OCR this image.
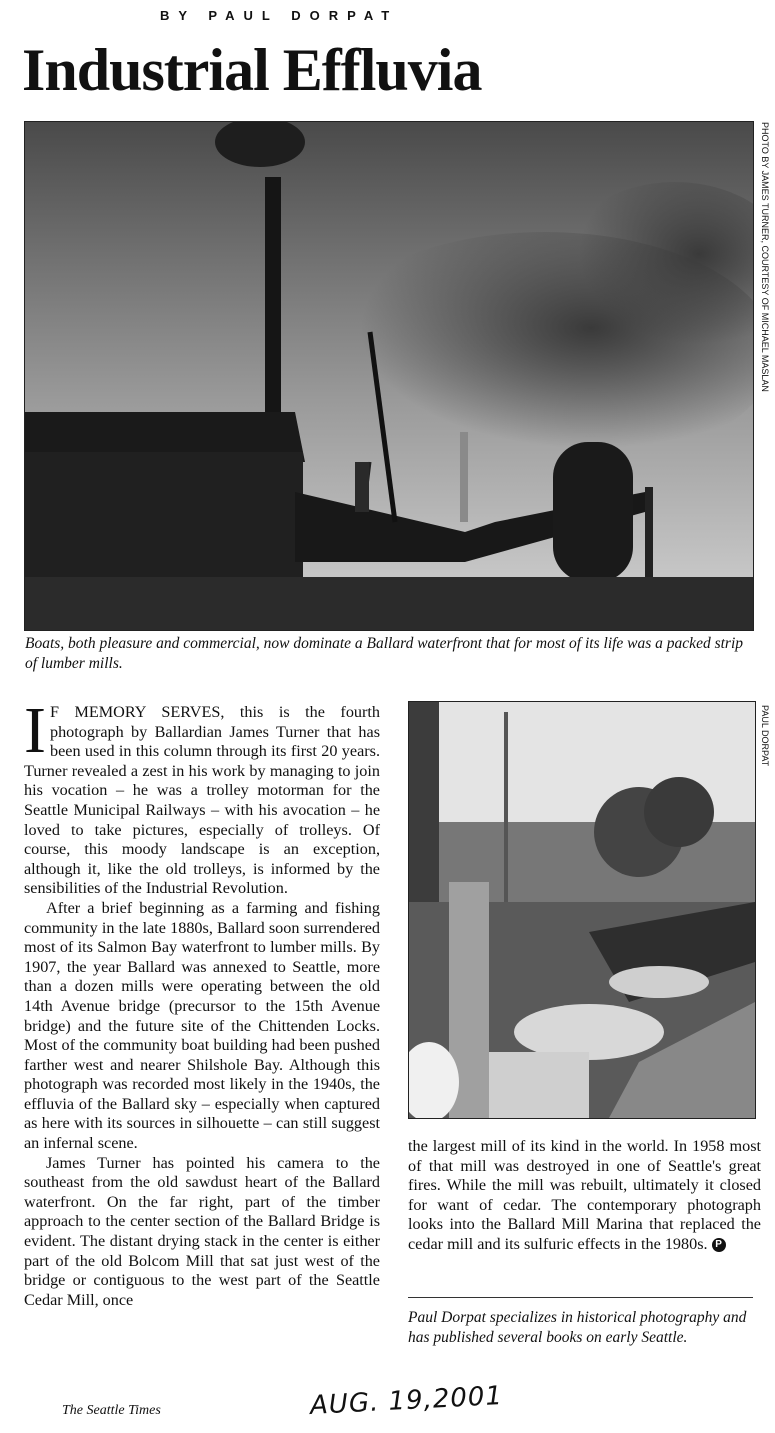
BY PAUL DORPAT
Industrial Effluvia
PHOTO BY JAMES TURNER, COURTESY OF MICHAEL MASLAN
Boats, both pleasure and commercial, now dominate a Ballard waterfront that for most of its life was a packed strip of lumber mills.
PAUL DORPAT

I F MEMORY SERVES, this is the fourth photograph by Ballardian James Turner that has been used in this column through its first 20 years. Turner revealed a zest in his work by managing to join his vocation – he was a trolley motorman for the Seattle Municipal Railways – with his avocation – he loved to take pictures, especially of trolleys. Of course, this moody landscape is an exception, although it, like the old trolleys, is informed by the sensibilities of the Industrial Revolution.

After a brief beginning as a farming and fishing community in the late 1880s, Ballard soon surrendered most of its Salmon Bay waterfront to lumber mills. By 1907, the year Ballard was annexed to Seattle, more than a dozen mills were operating between the old 14th Avenue bridge (precursor to the 15th Avenue bridge) and the future site of the Chittenden Locks. Most of the community boat building had been pushed farther west and nearer Shilshole Bay. Although this photograph was recorded most likely in the 1940s, the effluvia of the Ballard sky – especially when captured as here with its sources in silhouette – can still suggest an infernal scene.

James Turner has pointed his camera to the southeast from the old sawdust heart of the Ballard waterfront. On the far right, part of the timber approach to the center section of the Ballard Bridge is evident. The distant drying stack in the center is either part of the old Bolcom Mill that sat just west of the bridge or contiguous to the west part of the Seattle Cedar Mill, once

the largest mill of its kind in the world. In 1958 most of that mill was destroyed in one of Seattle's great fires. While the mill was rebuilt, ultimately it closed for want of cedar. The contemporary photograph looks into the Ballard Mill Marina that replaced the cedar mill and its sulfuric effects in the 1980s. P

Paul Dorpat specializes in historical photography and has published several books on early Seattle.
The Seattle Times	AUG. 19,2001
